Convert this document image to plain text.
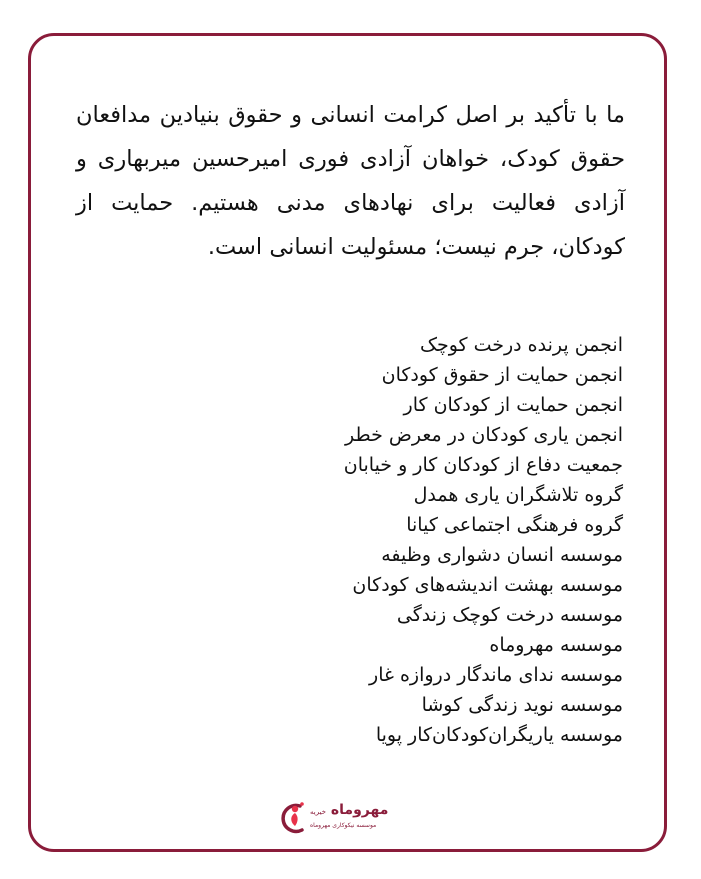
ما با تأکید بر اصل کرامت انسانی و حقوق بنیادین مدافعان حقوق کودک، خواهان آزادی فوری امیرحسین میربهاری و آزادی فعالیت برای نهادهای مدنی هستیم. حمایت از کودکان، جرم نیست؛ مسئولیت انسانی است.

انجمن پرنده درخت کوچک
انجمن حمایت از حقوق کودکان
انجمن حمایت از کودکان کار
انجمن یاری کودکان در معرض خطر
جمعیت دفاع از کودکان کار و خیابان
گروه تلاشگران یاری همدل
گروه فرهنگی اجتماعی کیانا
موسسه انسان دشواری وظیفه
موسسه بهشت اندیشه‌های کودکان
موسسه درخت کوچک زندگی
موسسه مهروماه
موسسه ندای ماندگار دروازه غار
موسسه نوید زندگی کوشا
موسسه یاریگران‌کودکان‌کار پویا
مهروماه خیریه
موسسه نیکوکاری مهروماه
